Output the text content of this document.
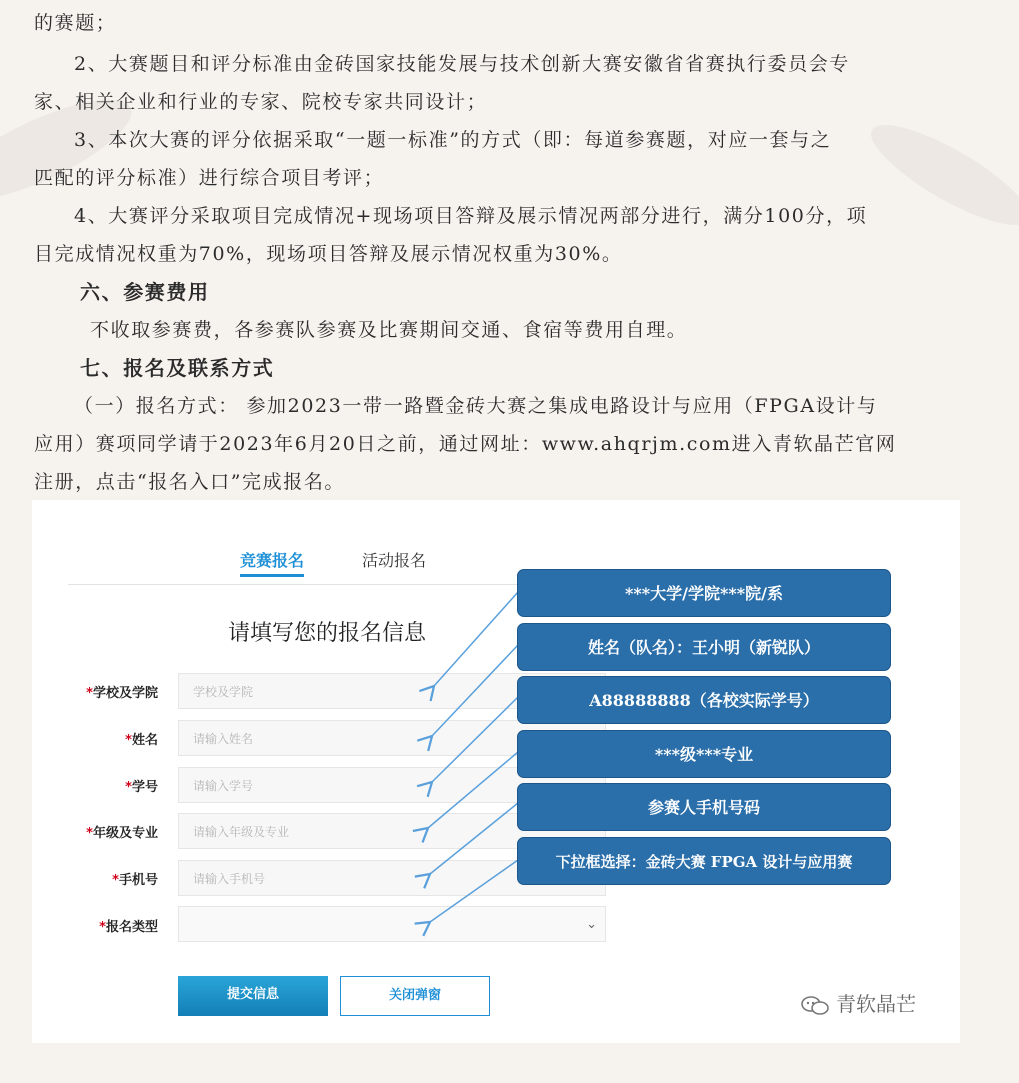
的赛题；
2、大赛题目和评分标准由金砖国家技能发展与技术创新大赛安徽省省赛执行委员会专
家、相关企业和行业的专家、院校专家共同设计；
3、本次大赛的评分依据采取“一题一标准”的方式（即：每道参赛题，对应一套与之
匹配的评分标准）进行综合项目考评；
4、大赛评分采取项目完成情况+现场项目答辩及展示情况两部分进行，满分100分，项
目完成情况权重为70%，现场项目答辩及展示情况权重为30%。
六、参赛费用
不收取参赛费，各参赛队参赛及比赛期间交通、食宿等费用自理。
七、报名及联系方式
（一）报名方式： 参加2023一带一路暨金砖大赛之集成电路设计与应用（FPGA设计与
应用）赛项同学请于2023年6月20日之前，通过网址：www.ahqrjm.com进入青软晶芒官网
注册，点击“报名入口”完成报名。
竞赛报名	活动报名
请填写您的报名信息
*学校及学院	学校及学院
*姓名	请输入姓名
*学号	请输入学号
*年级及专业	请输入年级及专业
*手机号	请输入手机号
*报名类型	⌄
提交信息	关闭弹窗
***大学/学院***院/系
姓名（队名）：王小明（新锐队）
A88888888（各校实际学号）
***级***专业
参赛人手机号码
下拉框选择：金砖大赛 FPGA 设计与应用赛
青软晶芒
